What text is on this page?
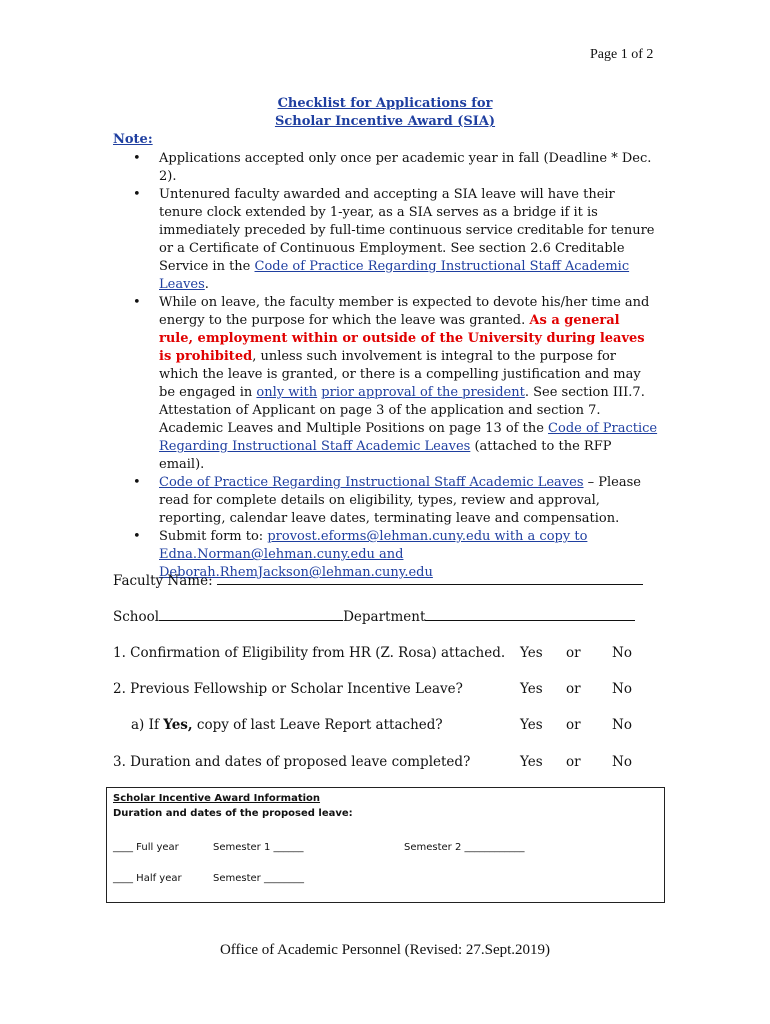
Page 1 of 2
Checklist for Applications for
Scholar Incentive Award (SIA)
Note:
• Applications accepted only once per academic year in fall (Deadline * Dec. 2).
• Untenured faculty awarded and accepting a SIA leave will have their tenure clock extended by 1-year, as a SIA serves as a bridge if it is immediately preceded by full-time continuous service creditable for tenure or a Certificate of Continuous Employment. See section 2.6 Creditable Service in the Code of Practice Regarding Instructional Staff Academic Leaves.
• While on leave, the faculty member is expected to devote his/her time and energy to the purpose for which the leave was granted. As a general rule, employment within or outside of the University during leaves is prohibited, unless such involvement is integral to the purpose for which the leave is granted, or there is a compelling justification and may be engaged in only with prior approval of the president. See section III.7. Attestation of Applicant on page 3 of the application and section 7. Academic Leaves and Multiple Positions on page 13 of the Code of Practice Regarding Instructional Staff Academic Leaves (attached to the RFP email).
• Code of Practice Regarding Instructional Staff Academic Leaves – Please read for complete details on eligibility, types, review and approval, reporting, calendar leave dates, terminating leave and compensation.
• Submit form to: provost.eforms@lehman.cuny.edu with a copy to Edna.Norman@lehman.cuny.edu and Deborah.RhemJackson@lehman.cuny.edu
Faculty Name:
School	Department
1. Confirmation of Eligibility from HR (Z. Rosa) attached. Yes or No
2. Previous Fellowship or Scholar Incentive Leave?	Yes or No
a) If Yes, copy of last Leave Report attached?	Yes or No
3. Duration and dates of proposed leave completed?	Yes or No
Scholar Incentive Award Information
Duration and dates of the proposed leave:
____ Full year	Semester 1 ______	Semester 2 ____________
____ Half year	Semester ________
Office of Academic Personnel (Revised: 27.Sept.2019)
